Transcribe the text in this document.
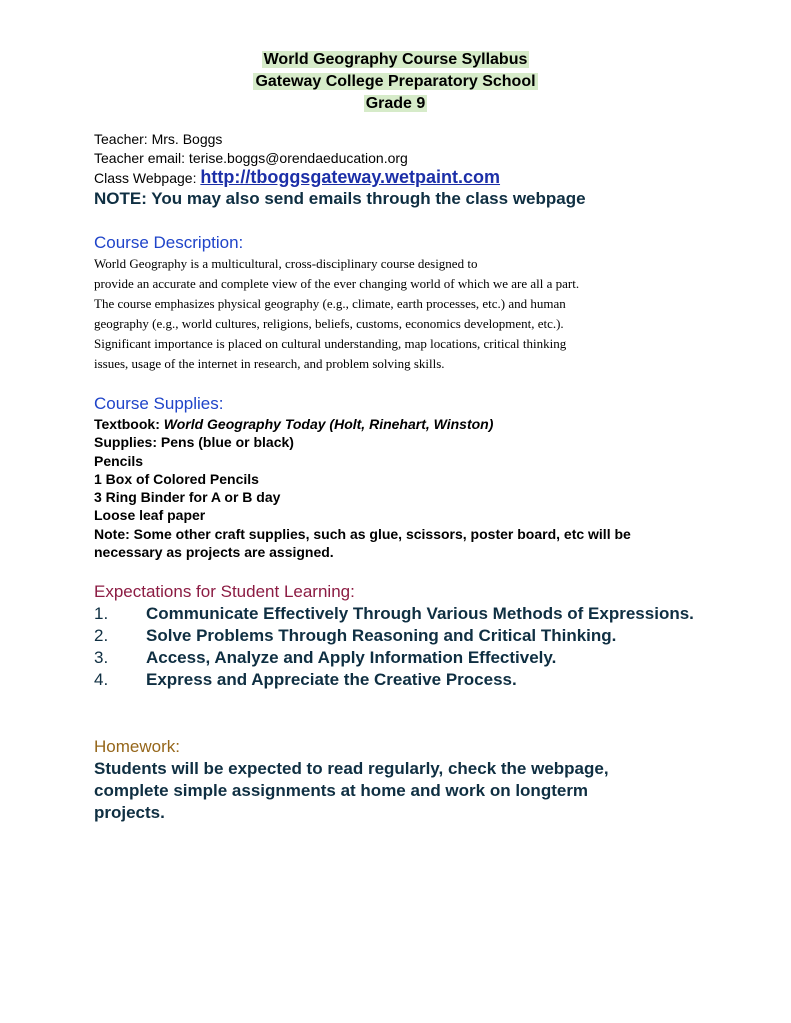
World Geography Course Syllabus
Gateway College Preparatory School
Grade 9
Teacher: Mrs. Boggs
Teacher email: terise.boggs@orendaeducation.org
Class Webpage: http://tboggsgateway.wetpaint.com
NOTE: You may also send emails through the class webpage
Course Description:
World Geography is a multicultural, cross-disciplinary course designed to
provide an accurate and complete view of the ever changing world of which we are all a part.
The course emphasizes physical geography (e.g., climate, earth processes, etc.) and human
geography (e.g., world cultures, religions, beliefs, customs, economics development, etc.).
Significant importance is placed on cultural understanding, map locations, critical thinking
issues, usage of the internet in research, and problem solving skills.
Course Supplies:
Textbook: World Geography Today (Holt, Rinehart, Winston)
Supplies: Pens (blue or black)
Pencils
1 Box of Colored Pencils
3 Ring Binder for A or B day
Loose leaf paper
Note: Some other craft supplies, such as glue, scissors, poster board, etc will be
necessary as projects are assigned.
Expectations for Student Learning:
1. Communicate Effectively Through Various Methods of Expressions.
2. Solve Problems Through Reasoning and Critical Thinking.
3. Access, Analyze and Apply Information Effectively.
4. Express and Appreciate the Creative Process.
Homework:
Students will be expected to read regularly, check the webpage, complete simple assignments at home and work on longterm projects.
